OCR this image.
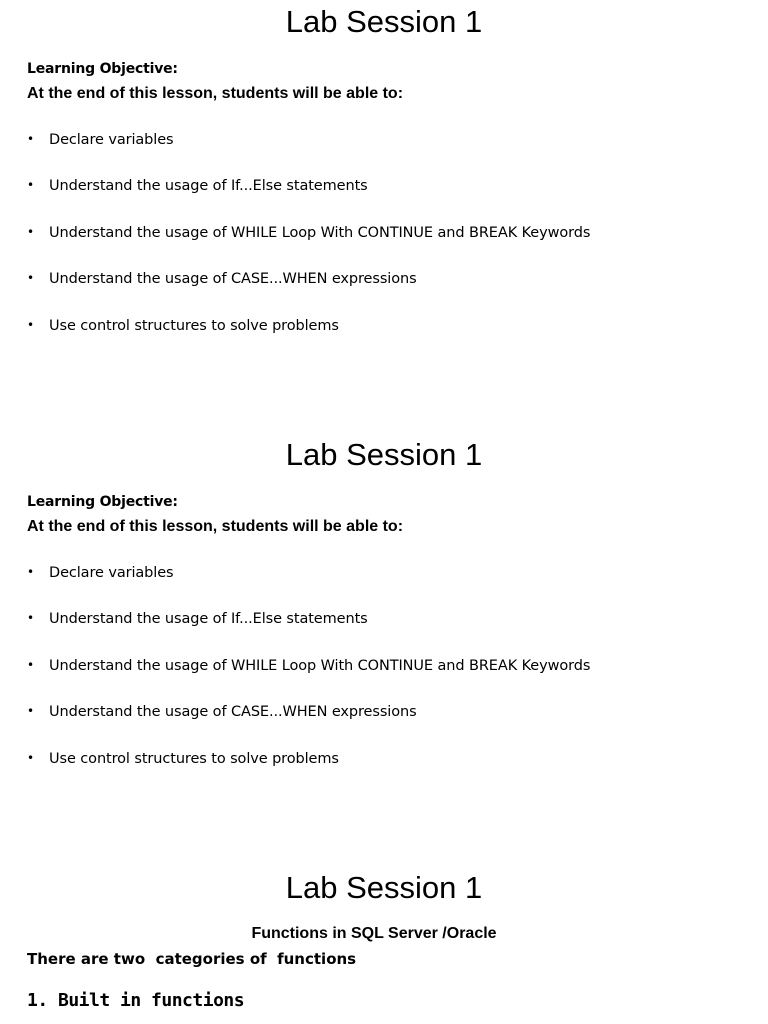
Lab Session 1
Learning Objective:
At the end of this lesson, students will be able to:
• Declare variables
• Understand the usage of If...Else statements
• Understand the usage of WHILE Loop With CONTINUE and BREAK Keywords
• Understand the usage of CASE...WHEN expressions
• Use control structures to solve problems
Lab Session 1
Learning Objective:
At the end of this lesson, students will be able to:
• Declare variables
• Understand the usage of If...Else statements
• Understand the usage of WHILE Loop With CONTINUE and BREAK Keywords
• Understand the usage of CASE...WHEN expressions
• Use control structures to solve problems
Lab Session 1
Functions in SQL Server /Oracle
There are two  categories of  functions
1. Built in functions
